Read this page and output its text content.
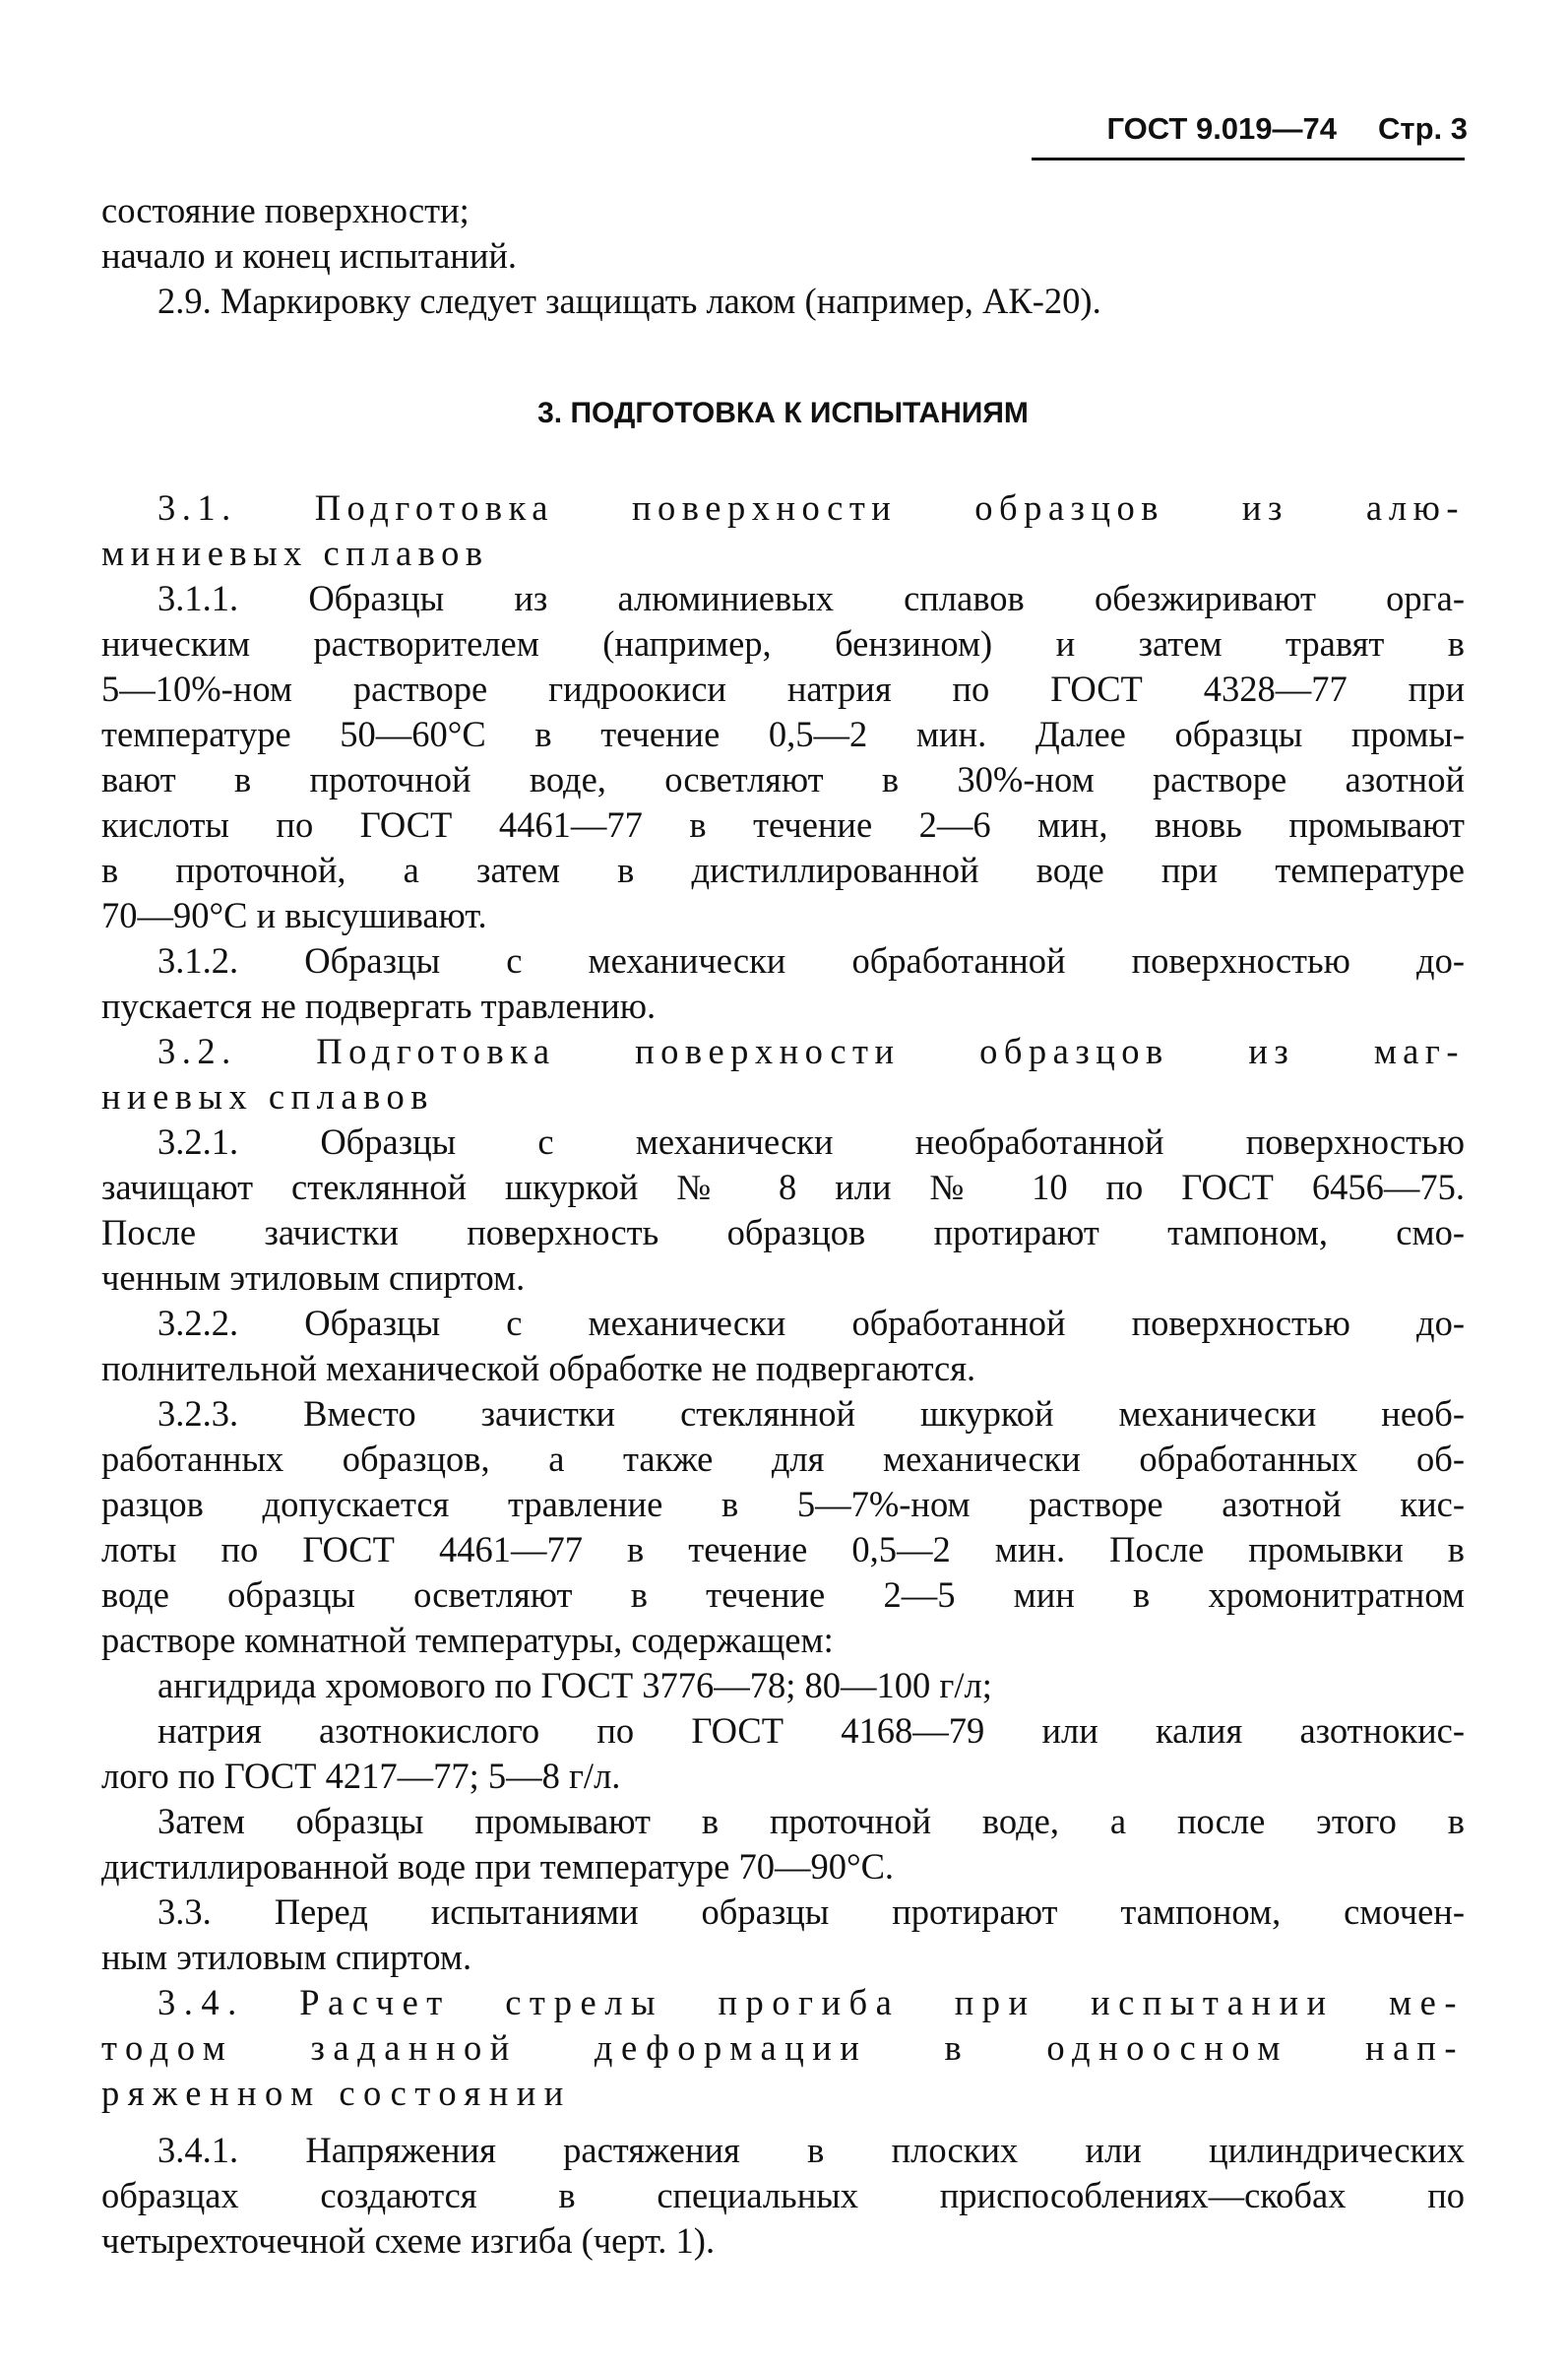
ГОСТ 9.019—74 Стр. 3
состояние поверхности;
начало и конец испытаний.
2.9. Маркировку следует защищать лаком (например, АК-20).
3. ПОДГОТОВКА К ИСПЫТАНИЯМ
3.1. Подготовка поверхности образцов из алю-
миниевых сплавов
3.1.1. Образцы из алюминиевых сплавов обезжиривают орга-
ническим растворителем (например, бензином) и затем травят в
5—10%-ном растворе гидроокиси натрия по ГОСТ 4328—77 при
температуре 50—60°С в течение 0,5—2 мин. Далее образцы промы-
вают в проточной воде, осветляют в 30%-ном растворе азотной
кислоты по ГОСТ 4461—77 в течение 2—6 мин, вновь промывают
в проточной, а затем в дистиллированной воде при температуре
70—90°С и высушивают.
3.1.2. Образцы с механически обработанной поверхностью до-
пускается не подвергать травлению.
3.2. Подготовка поверхности образцов из маг-
ниевых сплавов
3.2.1. Образцы с механически необработанной поверхностью
зачищают стеклянной шкуркой № 8 или № 10 по ГОСТ 6456—75.
После зачистки поверхность образцов протирают тампоном, смо-
ченным этиловым спиртом.
3.2.2. Образцы с механически обработанной поверхностью до-
полнительной механической обработке не подвергаются.
3.2.3. Вместо зачистки стеклянной шкуркой механически необ-
работанных образцов, а также для механически обработанных об-
разцов допускается травление в 5—7%-ном растворе азотной кис-
лоты по ГОСТ 4461—77 в течение 0,5—2 мин. После промывки в
воде образцы осветляют в течение 2—5 мин в хромонитратном
растворе комнатной температуры, содержащем:
ангидрида хромового по ГОСТ 3776—78; 80—100 г/л;
натрия азотнокислого по ГОСТ 4168—79 или калия азотнокис-
лого по ГОСТ 4217—77; 5—8 г/л.
Затем образцы промывают в проточной воде, а после этого в
дистиллированной воде при температуре 70—90°С.
3.3. Перед испытаниями образцы протирают тампоном, смочен-
ным этиловым спиртом.
3.4. Расчет стрелы прогиба при испытании ме-
тодом заданной деформации в одноосном нап-
ряженном состоянии
3.4.1. Напряжения растяжения в плоских или цилиндрических
образцах создаются в специальных приспособлениях—скобах по
четырехточечной схеме изгиба (черт. 1).
